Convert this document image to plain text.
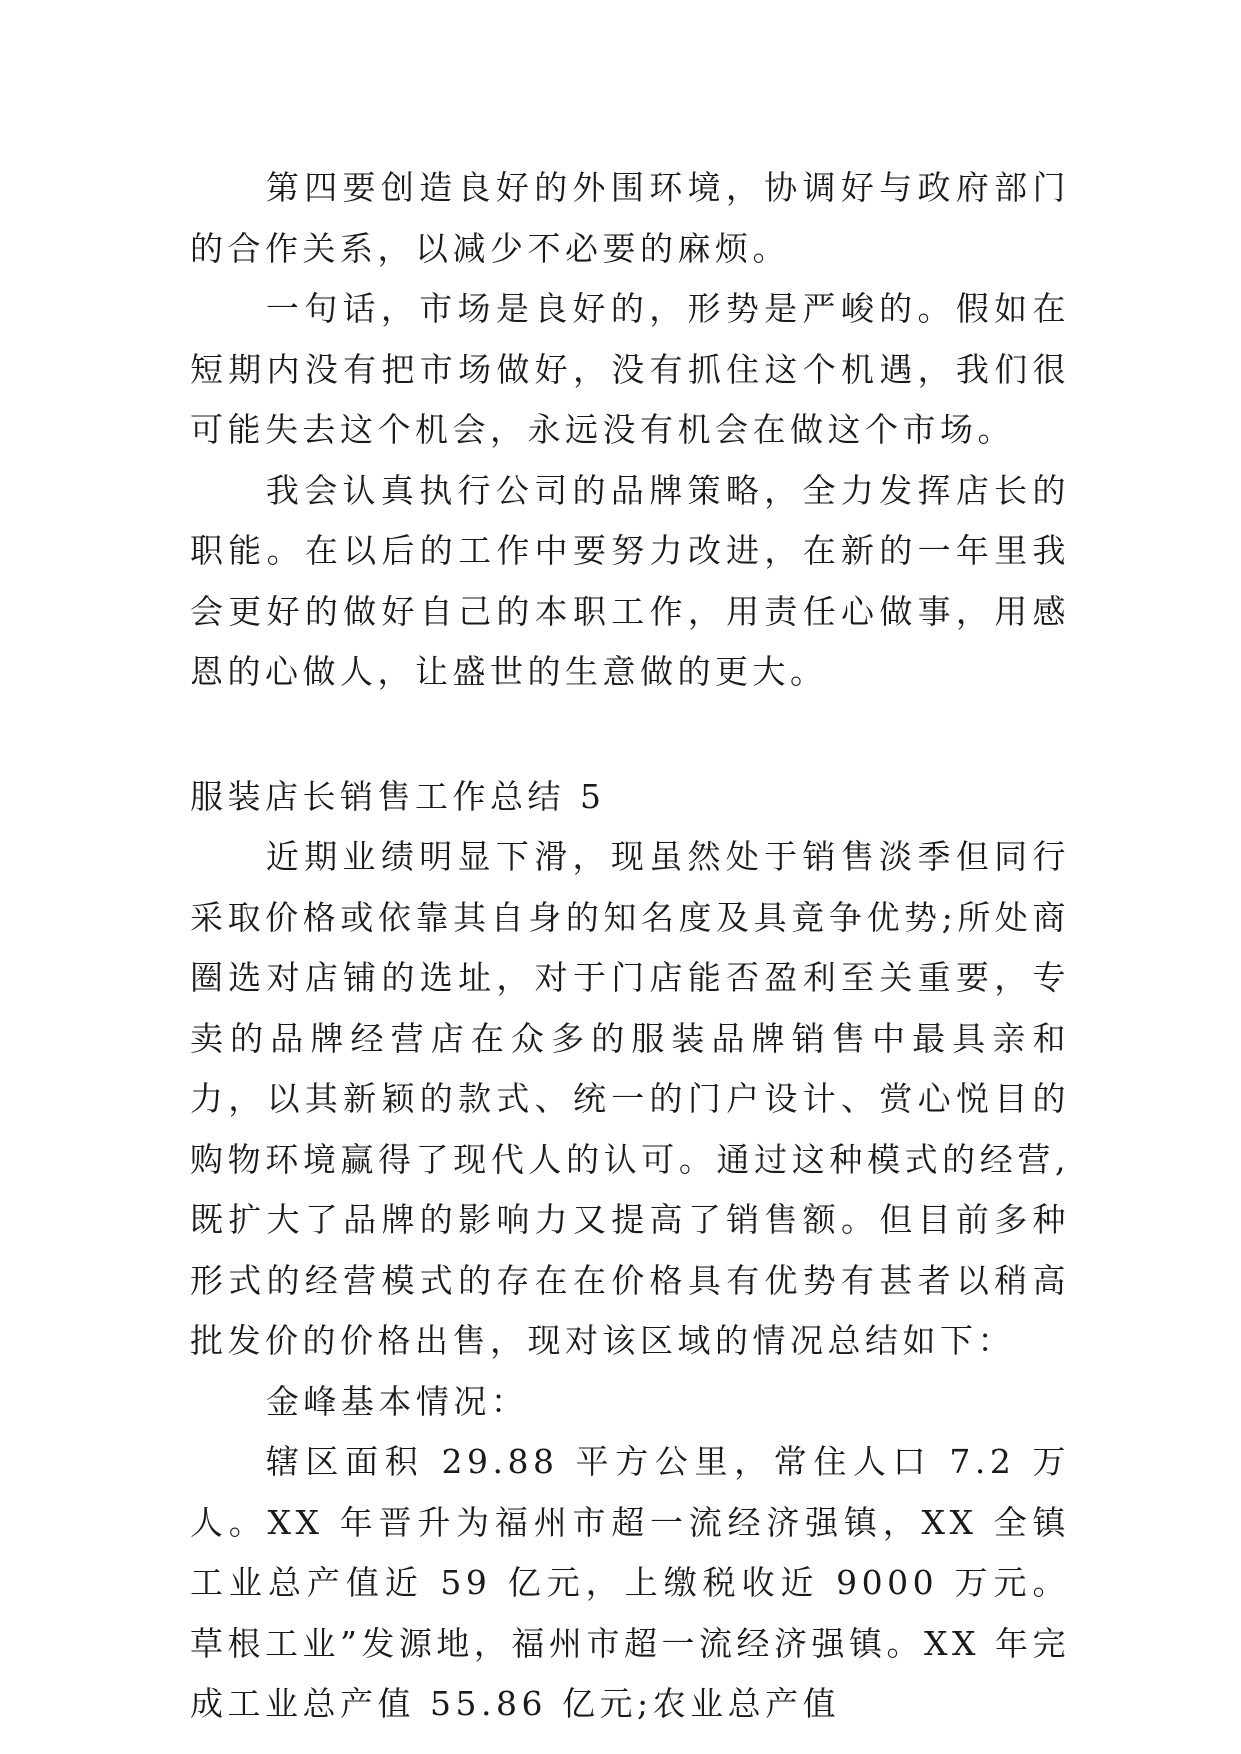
第四要创造良好的外围环境，协调好与政府部门的合作关系，以减少不必要的麻烦。

一句话，市场是良好的，形势是严峻的。假如在短期内没有把市场做好，没有抓住这个机遇，我们很可能失去这个机会，永远没有机会在做这个市场。

我会认真执行公司的品牌策略，全力发挥店长的职能。在以后的工作中要努力改进，在新的一年里我会更好的做好自己的本职工作，用责任心做事，用感恩的心做人，让盛世的生意做的更大。

服装店长销售工作总结 5

近期业绩明显下滑，现虽然处于销售淡季但同行采取价格或依靠其自身的知名度及具竟争优势;所处商圈选对店铺的选址，对于门店能否盈利至关重要，专卖的品牌经营店在众多的服装品牌销售中最具亲和力，以其新颖的款式、统一的门户设计、赏心悦目的购物环境赢得了现代人的认可。通过这种模式的经营,既扩大了品牌的影响力又提高了销售额。但目前多种形式的经营模式的存在在价格具有优势有甚者以稍高批发价的价格出售，现对该区域的情况总结如下：

金峰基本情况：

辖区面积 29.88 平方公里，常住人口 7.2 万人。XX 年晋升为福州市超一流经济强镇，XX 全镇工业总产值近 59 亿元，上缴税收近 9000 万元。 草根工业”发源地，福州市超一流经济强镇。XX 年完成工业总产值 55.86 亿元;农业总产值
